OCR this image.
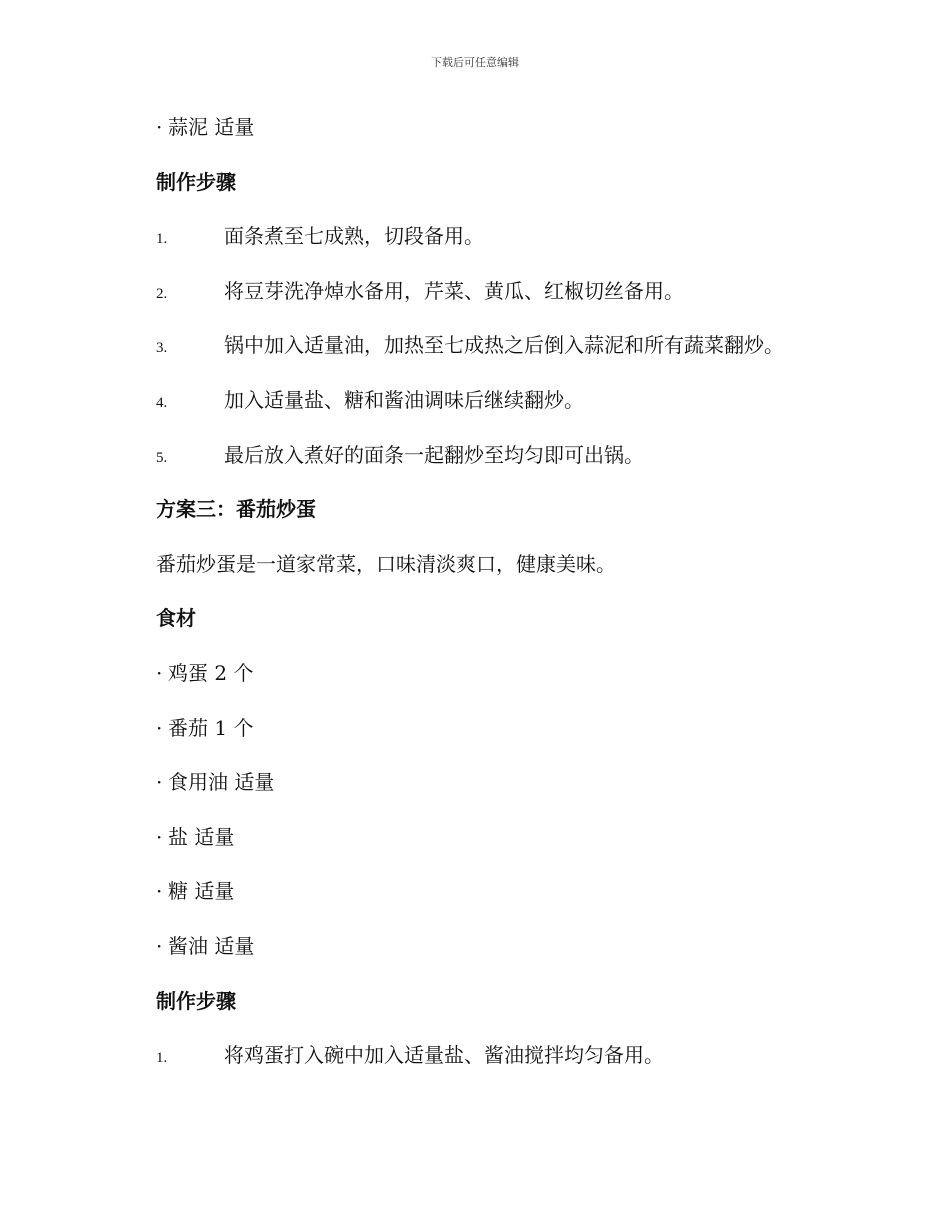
下载后可任意编辑
· 蒜泥 适量
制作步骤
1.	面条煮至七成熟，切段备用。
2.	将豆芽洗净焯水备用，芹菜、黄瓜、红椒切丝备用。
3.	锅中加入适量油，加热至七成热之后倒入蒜泥和所有蔬菜翻炒。
4.	加入适量盐、糖和酱油调味后继续翻炒。
5.	最后放入煮好的面条一起翻炒至均匀即可出锅。
方案三：番茄炒蛋
番茄炒蛋是一道家常菜，口味清淡爽口，健康美味。
食材
· 鸡蛋 2 个
· 番茄 1 个
· 食用油 适量
· 盐 适量
· 糖 适量
· 酱油 适量
制作步骤
1.	将鸡蛋打入碗中加入适量盐、酱油搅拌均匀备用。
